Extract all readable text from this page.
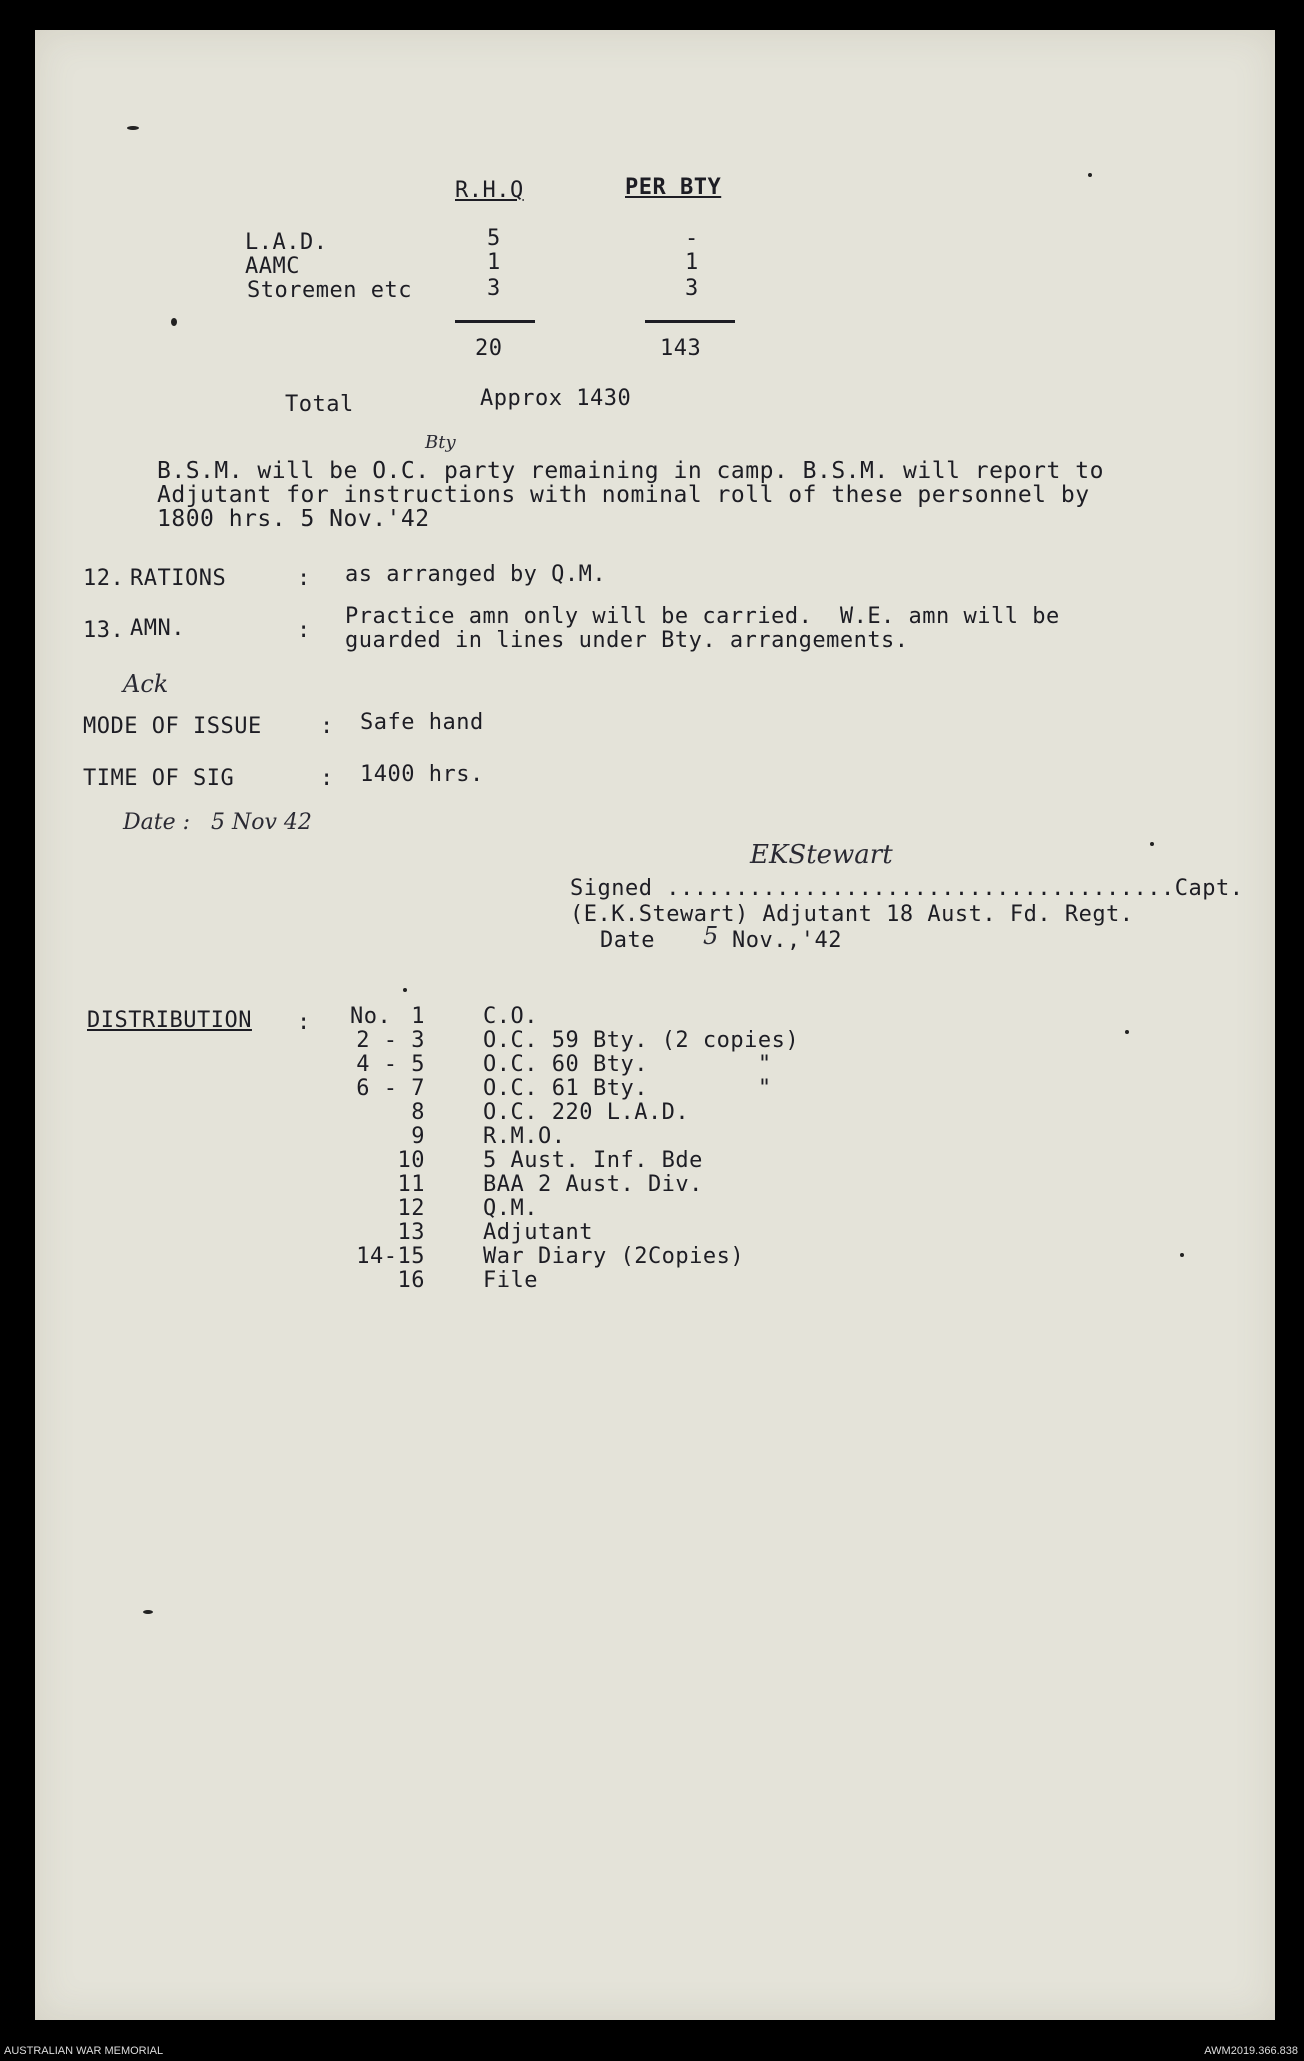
R.H.Q	PER BTY
L.A.D.	5	-
AAMC	1	1
Storemen etc	3	3
20	143
Total	Approx 1430
Bty
B.S.M. will be O.C. party remaining in camp. B.S.M. will report to
Adjutant for instructions with nominal roll of these personnel by
1800 hrs. 5 Nov.'42
12. RATIONS	: as arranged by Q.M.
13. AMN.	:
Practice amn only will be carried.  W.E. amn will be
guarded in lines under Bty. arrangements.
Ack
MODE OF ISSUE	: Safe hand
TIME OF SIG	: 1400 hrs.
Date :   5 Nov 42
EKStewart
Signed .....................................Capt.
(E.K.Stewart) Adjutant 18 Aust. Fd. Regt.
Date 5 Nov.,'42
DISTRIBUTION : No. 1	C.O.
2 - 3	O.C. 59 Bty. (2 copies)
4 - 5	O.C. 60 Bty.        "
6 - 7	O.C. 61 Bty.        "
8	O.C. 220 L.A.D.
9	R.M.O.
10	5 Aust. Inf. Bde
11	BAA 2 Aust. Div.
12	Q.M.
13	Adjutant
14-15	War Diary (2Copies)
16	File
AUSTRALIAN WAR MEMORIAL	AWM2019.366.838
